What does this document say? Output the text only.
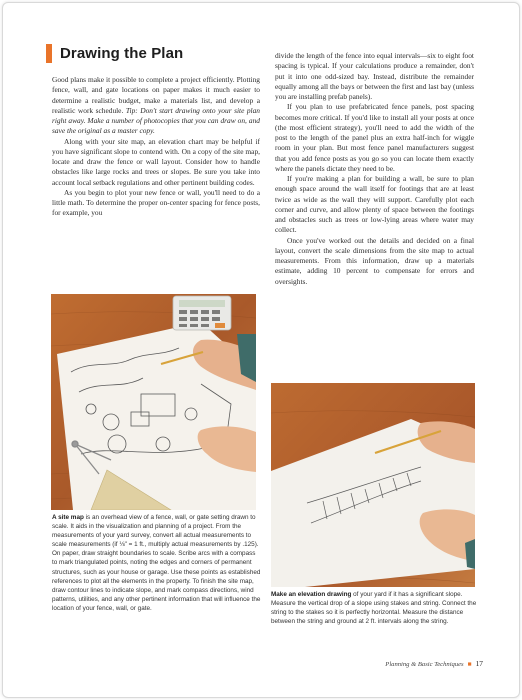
Drawing the Plan

Good plans make it possible to complete a project efficiently. Plotting fence, wall, and gate locations on paper makes it much easier to determine a realistic budget, make a materials list, and develop a realistic work schedule. Tip: Don't start drawing onto your site plan right away. Make a number of photocopies that you can draw on, and save the original as a master copy.

Along with your site map, an elevation chart may be helpful if you have significant slope to contend with. On a copy of the site map, locate and draw the fence or wall layout. Consider how to handle obstacles like large rocks and trees or slopes. Be sure you take into account local setback regulations and other pertinent building codes.

As you begin to plot your new fence or wall, you'll need to do a little math. To determine the proper on-center spacing for fence posts, for example, you

divide the length of the fence into equal intervals—six to eight foot spacing is typical. If your calculations produce a remainder, don't put it into one odd-sized bay. Instead, distribute the remainder equally among all the bays or between the first and last bay (unless you are installing prefab panels).

If you plan to use prefabricated fence panels, post spacing becomes more critical. If you'd like to install all your posts at once (the most efficient strategy), you'll need to add the width of the post to the length of the panel plus an extra half-inch for wiggle room in your plan. But most fence panel manufacturers suggest that you add fence posts as you go so you can locate them exactly where the panels dictate they need to be.

If you're making a plan for building a wall, be sure to plan enough space around the wall itself for footings that are at least twice as wide as the wall they will support. Carefully plot each corner and curve, and allow plenty of space between the footings and obstacles such as trees or low-lying areas where water may collect.

Once you've worked out the details and decided on a final layout, convert the scale dimensions from the site map to actual measurements. From this information, draw up a materials estimate, adding 10 percent to compensate for errors and oversights.

A site map is an overhead view of a fence, wall, or gate setting drawn to scale. It aids in the visualization and planning of a project. From the measurements of your yard survey, convert all actual measurements to scale measurements (if ⅛" = 1 ft., multiply actual measurements by .125). On paper, draw straight boundaries to scale. Scribe arcs with a compass to mark triangulated points, noting the edges and corners of permanent structures, such as your house or garage. Use these points as established references to plot all the elements in the property. To finish the site map, draw contour lines to indicate slope, and mark compass directions, wind patterns, utilities, and any other pertinent information that will influence the location of your fence, wall, or gate.
Make an elevation drawing of your yard if it has a significant slope. Measure the vertical drop of a slope using stakes and string. Connect the string to the stakes so it is perfectly horizontal. Measure the distance between the string and ground at 2 ft. intervals along the string.
Planning & Basic Techniques ■ 17
